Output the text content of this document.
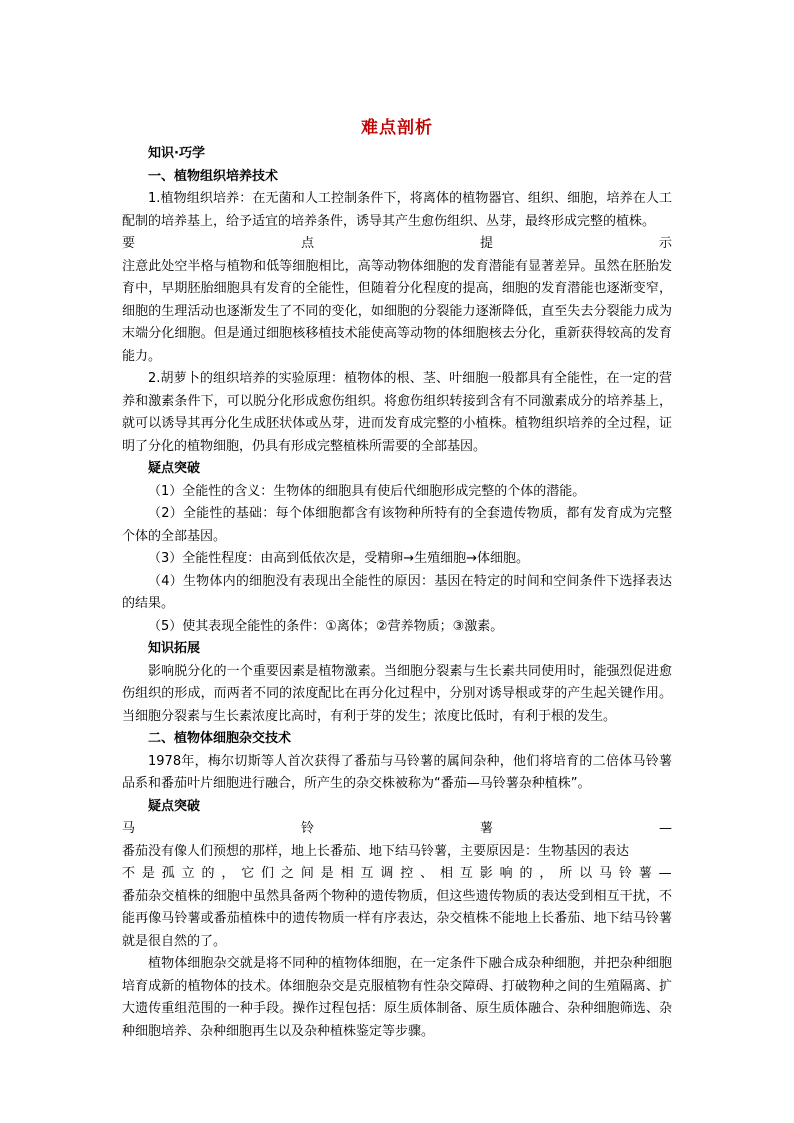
难点剖析

知识·巧学

一、植物组织培养技术

1.植物组织培养：在无菌和人工控制条件下，将离体的植物器官、组织、细胞，培养在人工配制的培养基上，给予适宜的培养条件，诱导其产生愈伤组织、丛芽，最终形成完整的植株。

要	点	提	示

注意此处空半格与植物和低等细胞相比，高等动物体细胞的发育潜能有显著差异。虽然在胚胎发育中，早期胚胎细胞具有发育的全能性，但随着分化程度的提高，细胞的发育潜能也逐渐变窄，细胞的生理活动也逐渐发生了不同的变化，如细胞的分裂能力逐渐降低，直至失去分裂能力成为末端分化细胞。但是通过细胞核移植技术能使高等动物的体细胞核去分化，重新获得较高的发育能力。

2.胡萝卜的组织培养的实验原理：植物体的根、茎、叶细胞一般都具有全能性，在一定的营养和激素条件下，可以脱分化形成愈伤组织。将愈伤组织转接到含有不同激素成分的培养基上，就可以诱导其再分化生成胚状体或丛芽，进而发育成完整的小植株。植物组织培养的全过程，证明了分化的植物细胞，仍具有形成完整植株所需要的全部基因。

疑点突破

（1）全能性的含义：生物体的细胞具有使后代细胞形成完整的个体的潜能。

（2）全能性的基础：每个体细胞都含有该物种所特有的全套遗传物质，都有发育成为完整个体的全部基因。

（3）全能性程度：由高到低依次是，受精卵→生殖细胞→体细胞。

（4）生物体内的细胞没有表现出全能性的原因：基因在特定的时间和空间条件下选择表达的结果。

（5）使其表现全能性的条件：①离体；②营养物质；③激素。

知识拓展

影响脱分化的一个重要因素是植物激素。当细胞分裂素与生长素共同使用时，能强烈促进愈伤组织的形成，而两者不同的浓度配比在再分化过程中，分别对诱导根或芽的产生起关键作用。当细胞分裂素与生长素浓度比高时，有利于芽的发生；浓度比低时，有利于根的发生。

二、植物体细胞杂交技术

1978年，梅尔切斯等人首次获得了番茄与马铃薯的属间杂种，他们将培育的二倍体马铃薯品系和番茄叶片细胞进行融合，所产生的杂交株被称为“番茄—马铃薯杂种植株”。

疑点突破

马	铃	薯	—

番茄没有像人们预想的那样，地上长番茄、地下结马铃薯，主要原因是：生物基因的表达

不 是 孤 立 的 ， 它 们 之 间 是 相 互 调 控 、 相 互 影 响 的 ， 所 以 马 铃 薯 —

番茄杂交植株的细胞中虽然具备两个物种的遗传物质，但这些遗传物质的表达受到相互干扰，不能再像马铃薯或番茄植株中的遗传物质一样有序表达，杂交植株不能地上长番茄、地下结马铃薯就是很自然的了。

植物体细胞杂交就是将不同种的植物体细胞，在一定条件下融合成杂种细胞，并把杂种细胞培育成新的植物体的技术。体细胞杂交是克服植物有性杂交障碍、打破物种之间的生殖隔离、扩大遗传重组范围的一种手段。操作过程包括：原生质体制备、原生质体融合、杂种细胞筛选、杂种细胞培养、杂种细胞再生以及杂种植株鉴定等步骤。
